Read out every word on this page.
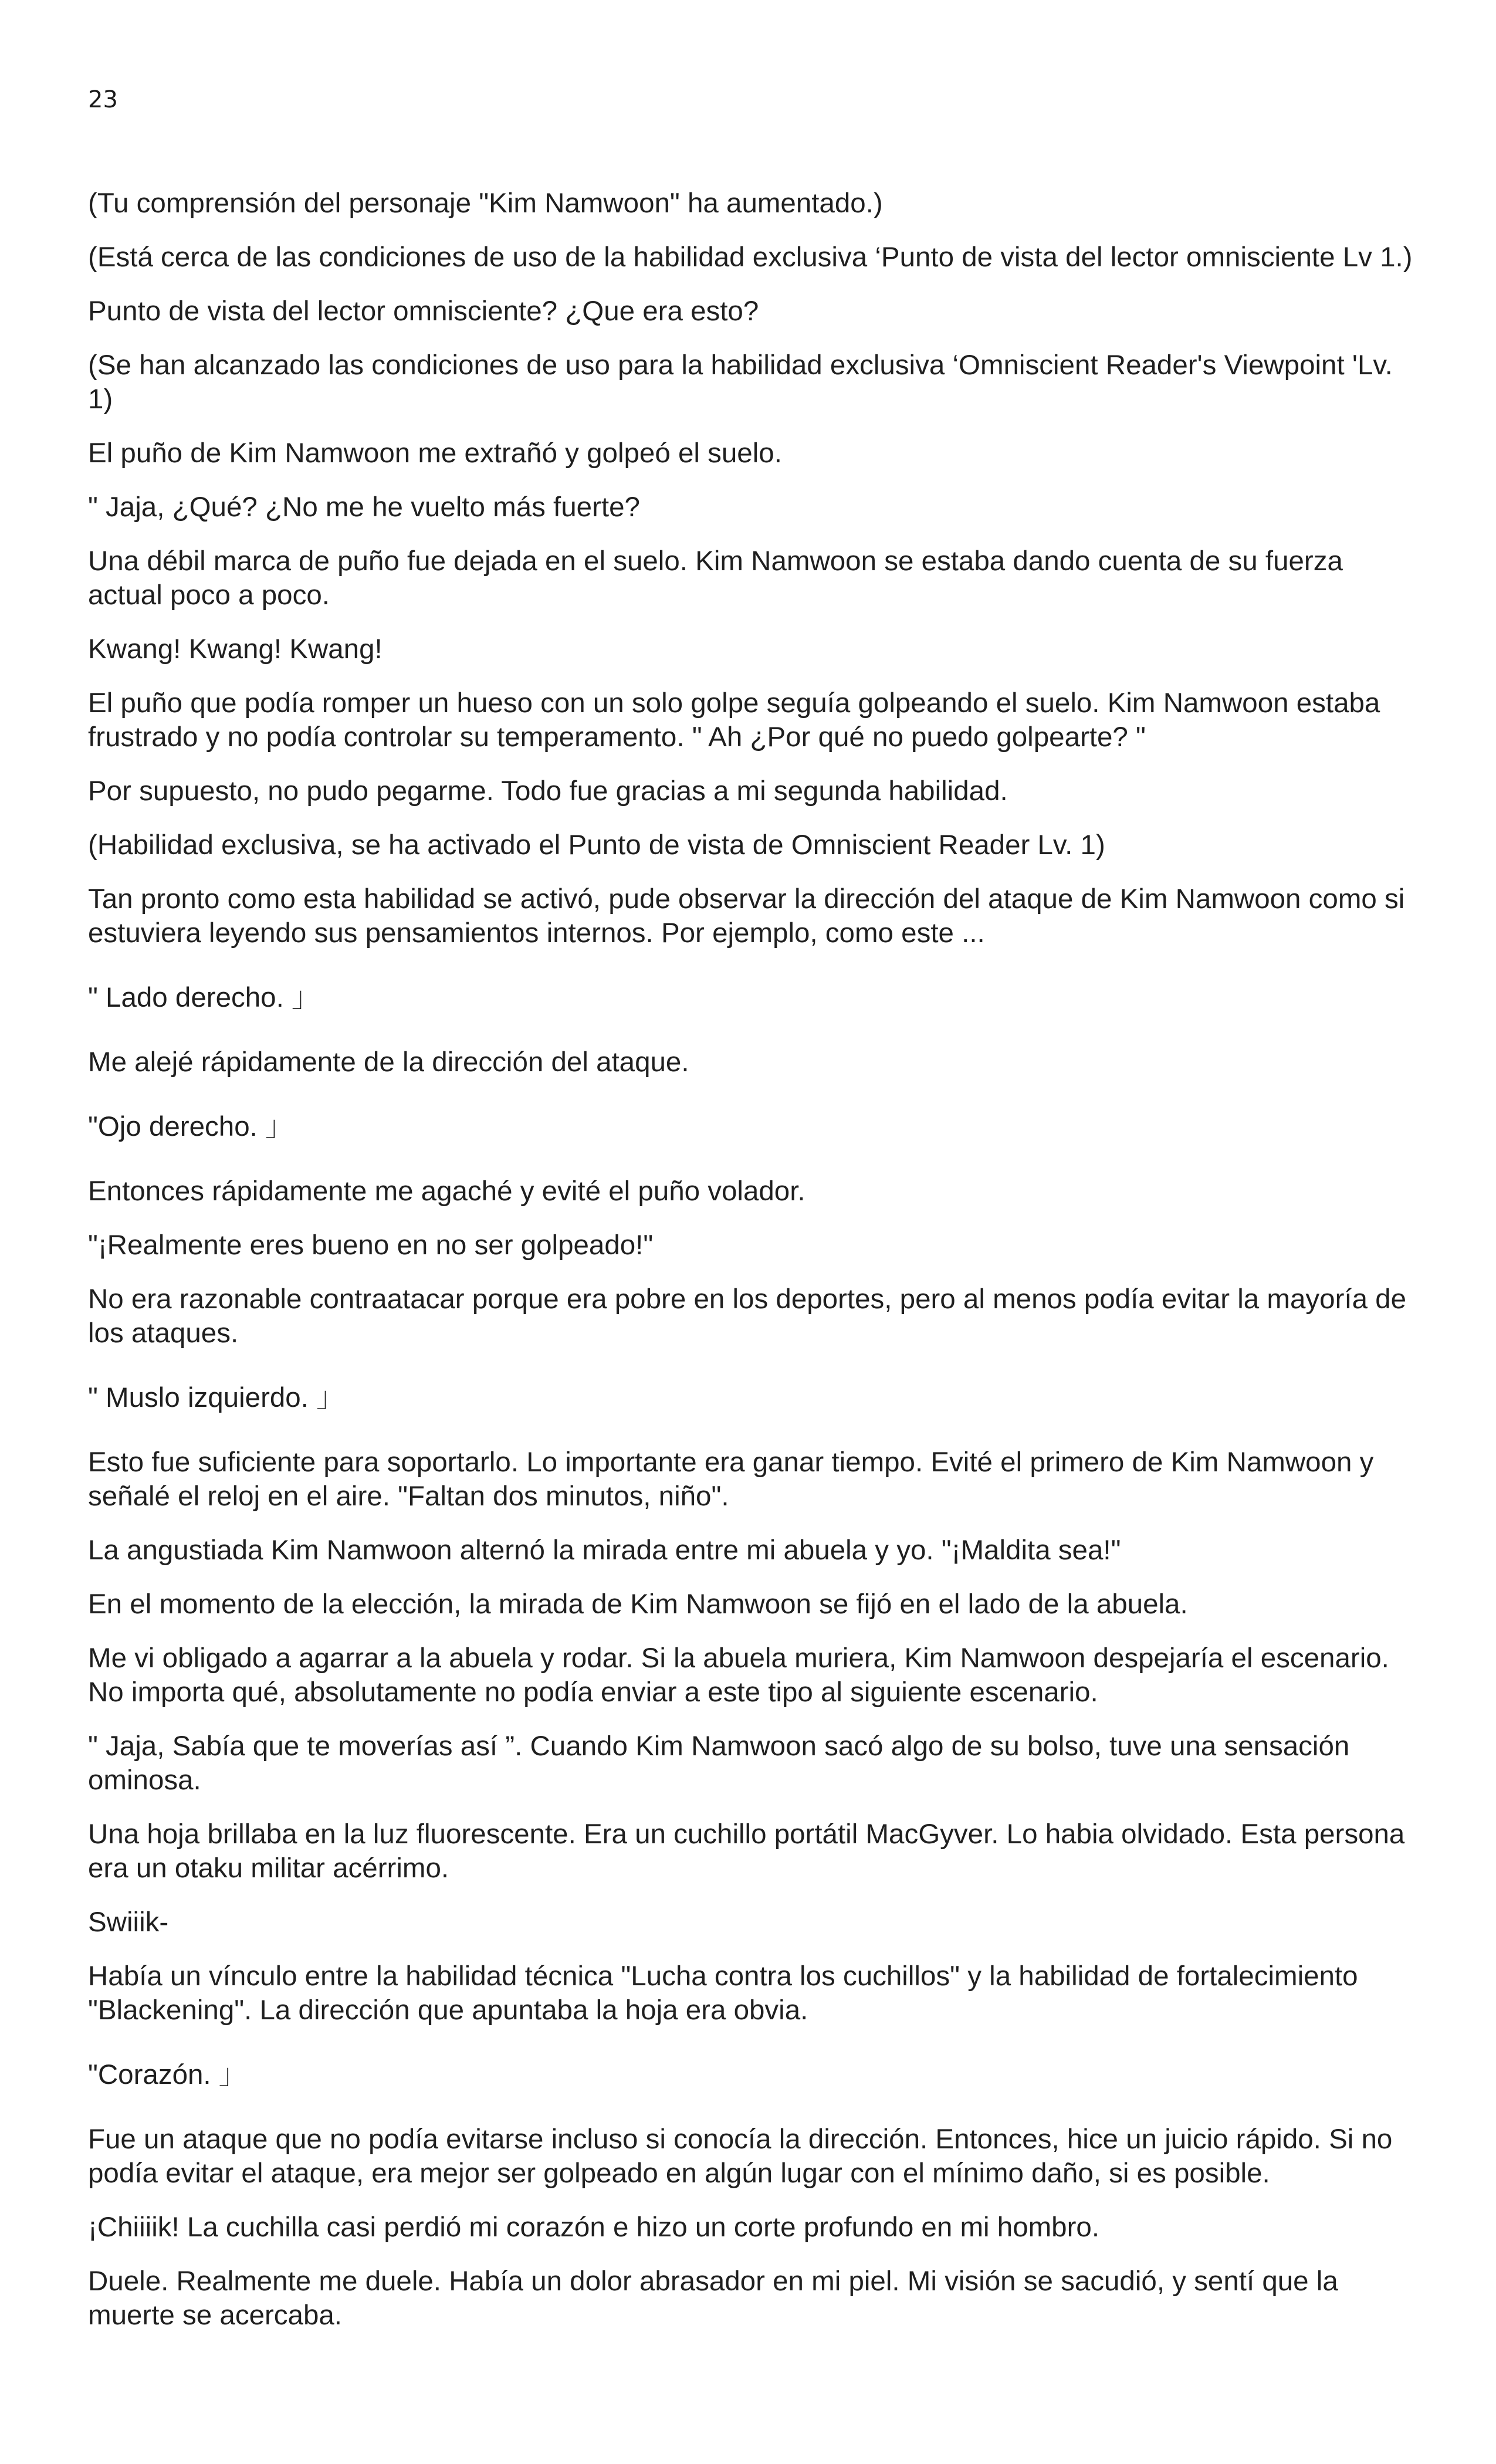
23

(Tu comprensión del personaje "Kim Namwoon" ha aumentado.)

(Está cerca de las condiciones de uso de la habilidad exclusiva ‘Punto de vista del lector omnisciente Lv 1.)

Punto de vista del lector omnisciente? ¿Que era esto?

(Se han alcanzado las condiciones de uso para la habilidad exclusiva ‘Omniscient Reader's Viewpoint 'Lv. 1)

El puño de Kim Namwoon me extrañó y golpeó el suelo.

" Jaja, ¿Qué? ¿No me he vuelto más fuerte?

Una débil marca de puño fue dejada en el suelo. Kim Namwoon se estaba dando cuenta de su fuerza actual poco a poco.

Kwang! Kwang! Kwang!

El puño que podía romper un hueso con un solo golpe seguía golpeando el suelo. Kim Namwoon estaba frustrado y no podía controlar su temperamento. " Ah ¿Por qué no puedo golpearte? "

Por supuesto, no pudo pegarme. Todo fue gracias a mi segunda habilidad.

(Habilidad exclusiva, se ha activado el Punto de vista de Omniscient Reader Lv. 1)

Tan pronto como esta habilidad se activó, pude observar la dirección del ataque de Kim Namwoon como si estuviera leyendo sus pensamientos internos. Por ejemplo, como este ...

" Lado derecho. 」

Me alejé rápidamente de la dirección del ataque.

"Ojo derecho. 」

Entonces rápidamente me agaché y evité el puño volador.

"¡Realmente eres bueno en no ser golpeado!"

No era razonable contraatacar porque era pobre en los deportes, pero al menos podía evitar la mayoría de los ataques.

" Muslo izquierdo. 」

Esto fue suficiente para soportarlo. Lo importante era ganar tiempo. Evité el primero de Kim Namwoon y señalé el reloj en el aire. "Faltan dos minutos, niño".

La angustiada Kim Namwoon alternó la mirada entre mi abuela y yo. "¡Maldita sea!"

En el momento de la elección, la mirada de Kim Namwoon se fijó en el lado de la abuela.

Me vi obligado a agarrar a la abuela y rodar. Si la abuela muriera, Kim Namwoon despejaría el escenario. No importa qué, absolutamente no podía enviar a este tipo al siguiente escenario.

" Jaja, Sabía que te moverías así ”. Cuando Kim Namwoon sacó algo de su bolso, tuve una sensación ominosa.

Una hoja brillaba en la luz fluorescente. Era un cuchillo portátil MacGyver. Lo habia olvidado. Esta persona era un otaku militar acérrimo.

Swiiik-

Había un vínculo entre la habilidad técnica "Lucha contra los cuchillos" y la habilidad de fortalecimiento "Blackening". La dirección que apuntaba la hoja era obvia.

"Corazón. 」

Fue un ataque que no podía evitarse incluso si conocía la dirección. Entonces, hice un juicio rápido. Si no podía evitar el ataque, era mejor ser golpeado en algún lugar con el mínimo daño, si es posible.

¡Chiiiik! La cuchilla casi perdió mi corazón e hizo un corte profundo en mi hombro.

Duele. Realmente me duele. Había un dolor abrasador en mi piel. Mi visión se sacudió, y sentí que la muerte se acercaba.
